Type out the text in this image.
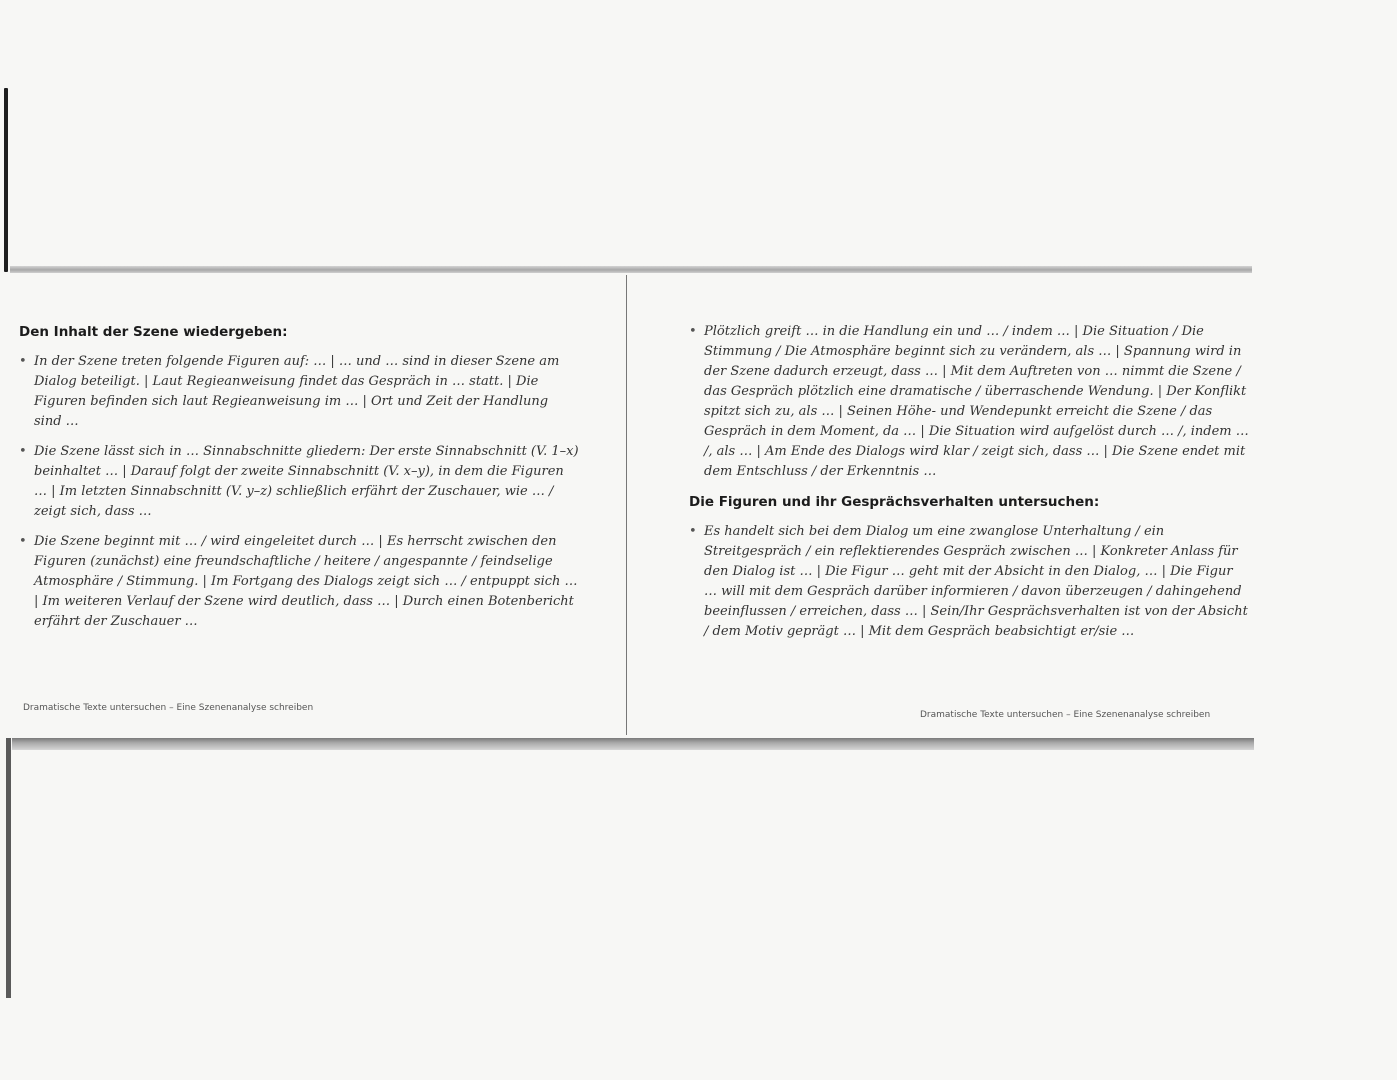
Den Inhalt der Szene wiedergeben:
• In der Szene treten folgende Figuren auf: … | … und … sind in dieser Szene am Dialog beteiligt. | Laut Regieanweisung findet das Gespräch in … statt. | Die Figuren befinden sich laut Regieanweisung im … | Ort und Zeit der Handlung sind …
• Die Szene lässt sich in … Sinnabschnitte gliedern: Der erste Sinnabschnitt (V. 1–x) beinhaltet … | Darauf folgt der zweite Sinnabschnitt (V. x–y), in dem die Figuren … | Im letzten Sinnabschnitt (V. y–z) schließlich erfährt der Zuschauer, wie … / zeigt sich, dass …
• Die Szene beginnt mit … / wird eingeleitet durch … | Es herrscht zwischen den Figuren (zunächst) eine freundschaftliche / heitere / angespannte / feindselige Atmosphäre / Stimmung. | Im Fortgang des Dialogs zeigt sich … / entpuppt sich … | Im weiteren Verlauf der Szene wird deutlich, dass … | Durch einen Botenbericht erfährt der Zuschauer …
Dramatische Texte untersuchen – Eine Szenenanalyse schreiben
• Plötzlich greift … in die Handlung ein und … / indem … | Die Situation / Die Stimmung / Die Atmosphäre beginnt sich zu verändern, als … | Spannung wird in der Szene dadurch erzeugt, dass … | Mit dem Auftreten von … nimmt die Szene / das Gespräch plötzlich eine dramatische / überraschende Wendung. | Der Konflikt spitzt sich zu, als … | Seinen Höhe- und Wendepunkt erreicht die Szene / das Gespräch in dem Moment, da … | Die Situation wird aufgelöst durch … /, indem … /, als … | Am Ende des Dialogs wird klar / zeigt sich, dass … | Die Szene endet mit dem Entschluss / der Erkenntnis …
Die Figuren und ihr Gesprächsverhalten untersuchen:
• Es handelt sich bei dem Dialog um eine zwanglose Unterhaltung / ein Streitgespräch / ein reflektierendes Gespräch zwischen … | Konkreter Anlass für den Dialog ist … | Die Figur … geht mit der Absicht in den Dialog, … | Die Figur … will mit dem Gespräch darüber informieren / davon überzeugen / dahingehend beeinflussen / erreichen, dass … | Sein/Ihr Gesprächsverhalten ist von der Absicht / dem Motiv geprägt … | Mit dem Gespräch beabsichtigt er/sie …
Dramatische Texte untersuchen – Eine Szenenanalyse schreiben
